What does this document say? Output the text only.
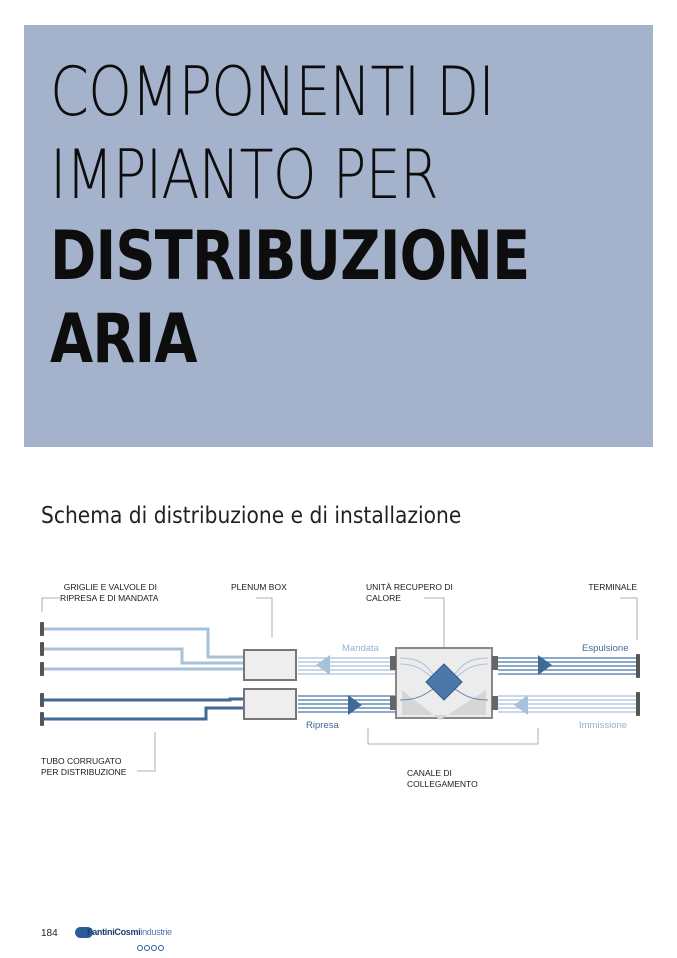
COMPONENTI DI
IMPIANTO PER
DISTRIBUZIONE
ARIA
Schema di distribuzione e di installazione
GRIGLIE E VALVOLE DI
RIPRESA E DI MANDATA
PLENUM BOX	UNITÀ RECUPERO DI
CALORE
TERMINALE
TUBO CORRUGATO
PER DISTRIBUZIONE	CANALE DI
COLLEGAMENTO
Mandata
Ripresa
Espulsione
Immissione
184	FantiniCosmiindustrie
